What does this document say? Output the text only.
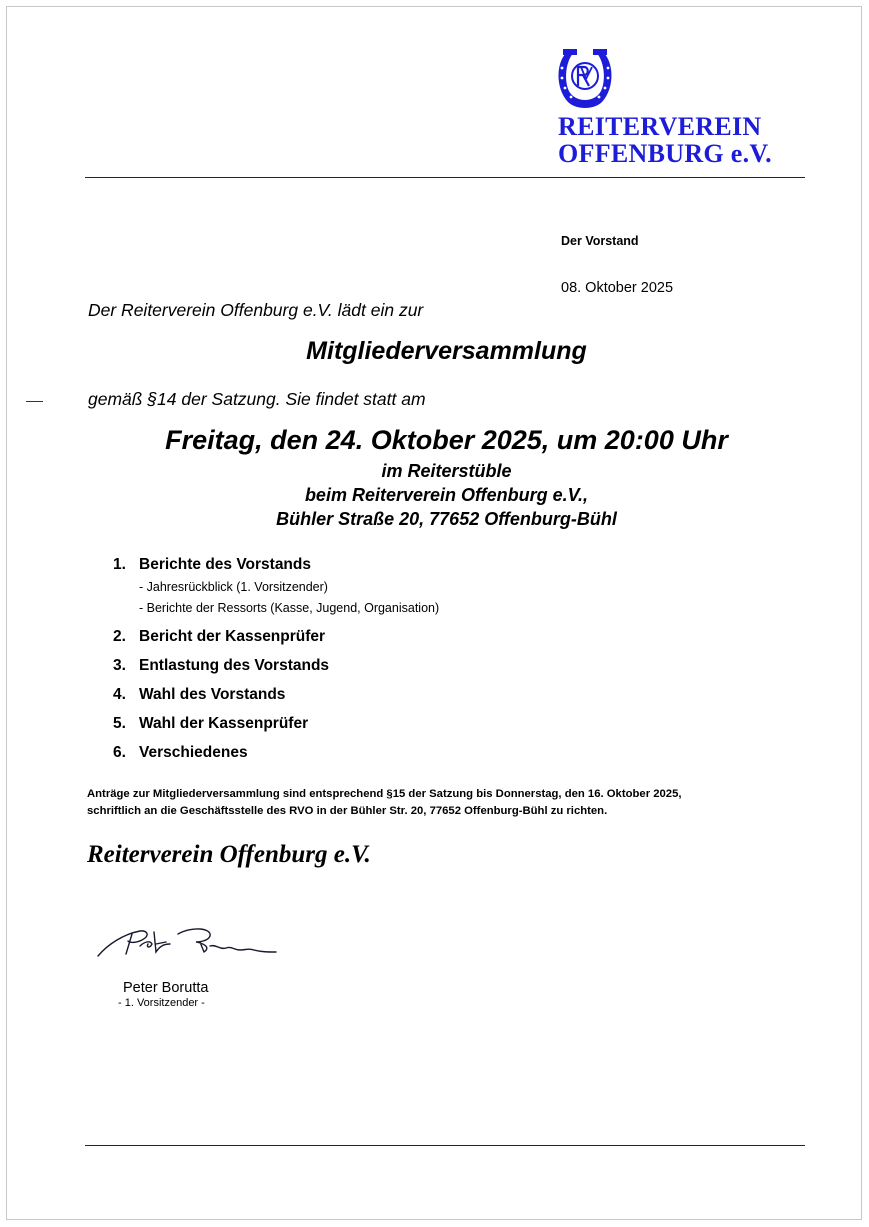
REITERVEREIN
OFFENBURG e.V.
Der Vorstand
08. Oktober 2025
Der Reiterverein Offenburg e.V. lädt ein zur
Mitgliederversammlung
gemäß §14 der Satzung. Sie findet statt am
Freitag, den 24. Oktober 2025, um 20:00 Uhr
im Reiterstüble
beim Reiterverein Offenburg e.V.,
Bühler Straße 20, 77652 Offenburg-Bühl
1. Berichte des Vorstands
- Jahresrückblick (1. Vorsitzender)
- Berichte der Ressorts (Kasse, Jugend, Organisation)
2. Bericht der Kassenprüfer
3. Entlastung des Vorstands
4. Wahl des Vorstands
5. Wahl der Kassenprüfer
6. Verschiedenes
Anträge zur Mitgliederversammlung sind entsprechend §15 der Satzung bis Donnerstag, den 16. Oktober 2025,
schriftlich an die Geschäftsstelle des RVO in der Bühler Str. 20, 77652 Offenburg-Bühl zu richten.
Reiterverein Offenburg e.V.
Peter Borutta
- 1. Vorsitzender -
